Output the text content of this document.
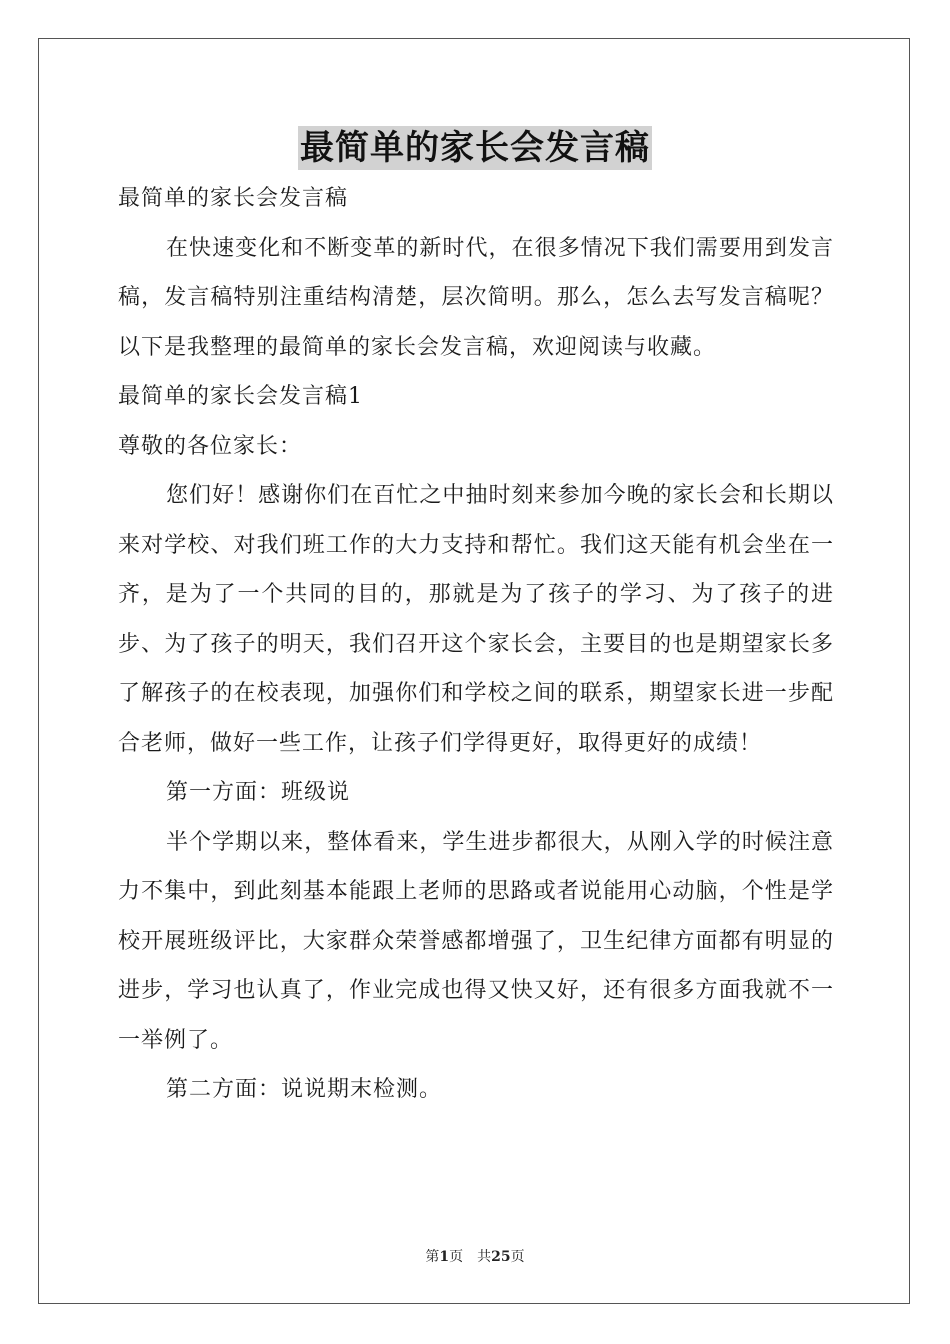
最简单的家长会发言稿

最简单的家长会发言稿

在快速变化和不断变革的新时代，在很多情况下我们需要用到发言稿，发言稿特别注重结构清楚，层次简明。那么，怎么去写发言稿呢？以下是我整理的最简单的家长会发言稿，欢迎阅读与收藏。

最简单的家长会发言稿1

尊敬的各位家长：

您们好！感谢你们在百忙之中抽时刻来参加今晚的家长会和长期以来对学校、对我们班工作的大力支持和帮忙。我们这天能有机会坐在一齐，是为了一个共同的目的，那就是为了孩子的学习、为了孩子的进步、为了孩子的明天，我们召开这个家长会，主要目的也是期望家长多了解孩子的在校表现，加强你们和学校之间的联系，期望家长进一步配合老师，做好一些工作，让孩子们学得更好，取得更好的成绩！

第一方面：班级说

半个学期以来，整体看来，学生进步都很大，从刚入学的时候注意力不集中，到此刻基本能跟上老师的思路或者说能用心动脑，个性是学校开展班级评比，大家群众荣誉感都增强了，卫生纪律方面都有明显的进步，学习也认真了，作业完成也得又快又好，还有很多方面我就不一一举例了。

第二方面：说说期末检测。

第1页 共25页
